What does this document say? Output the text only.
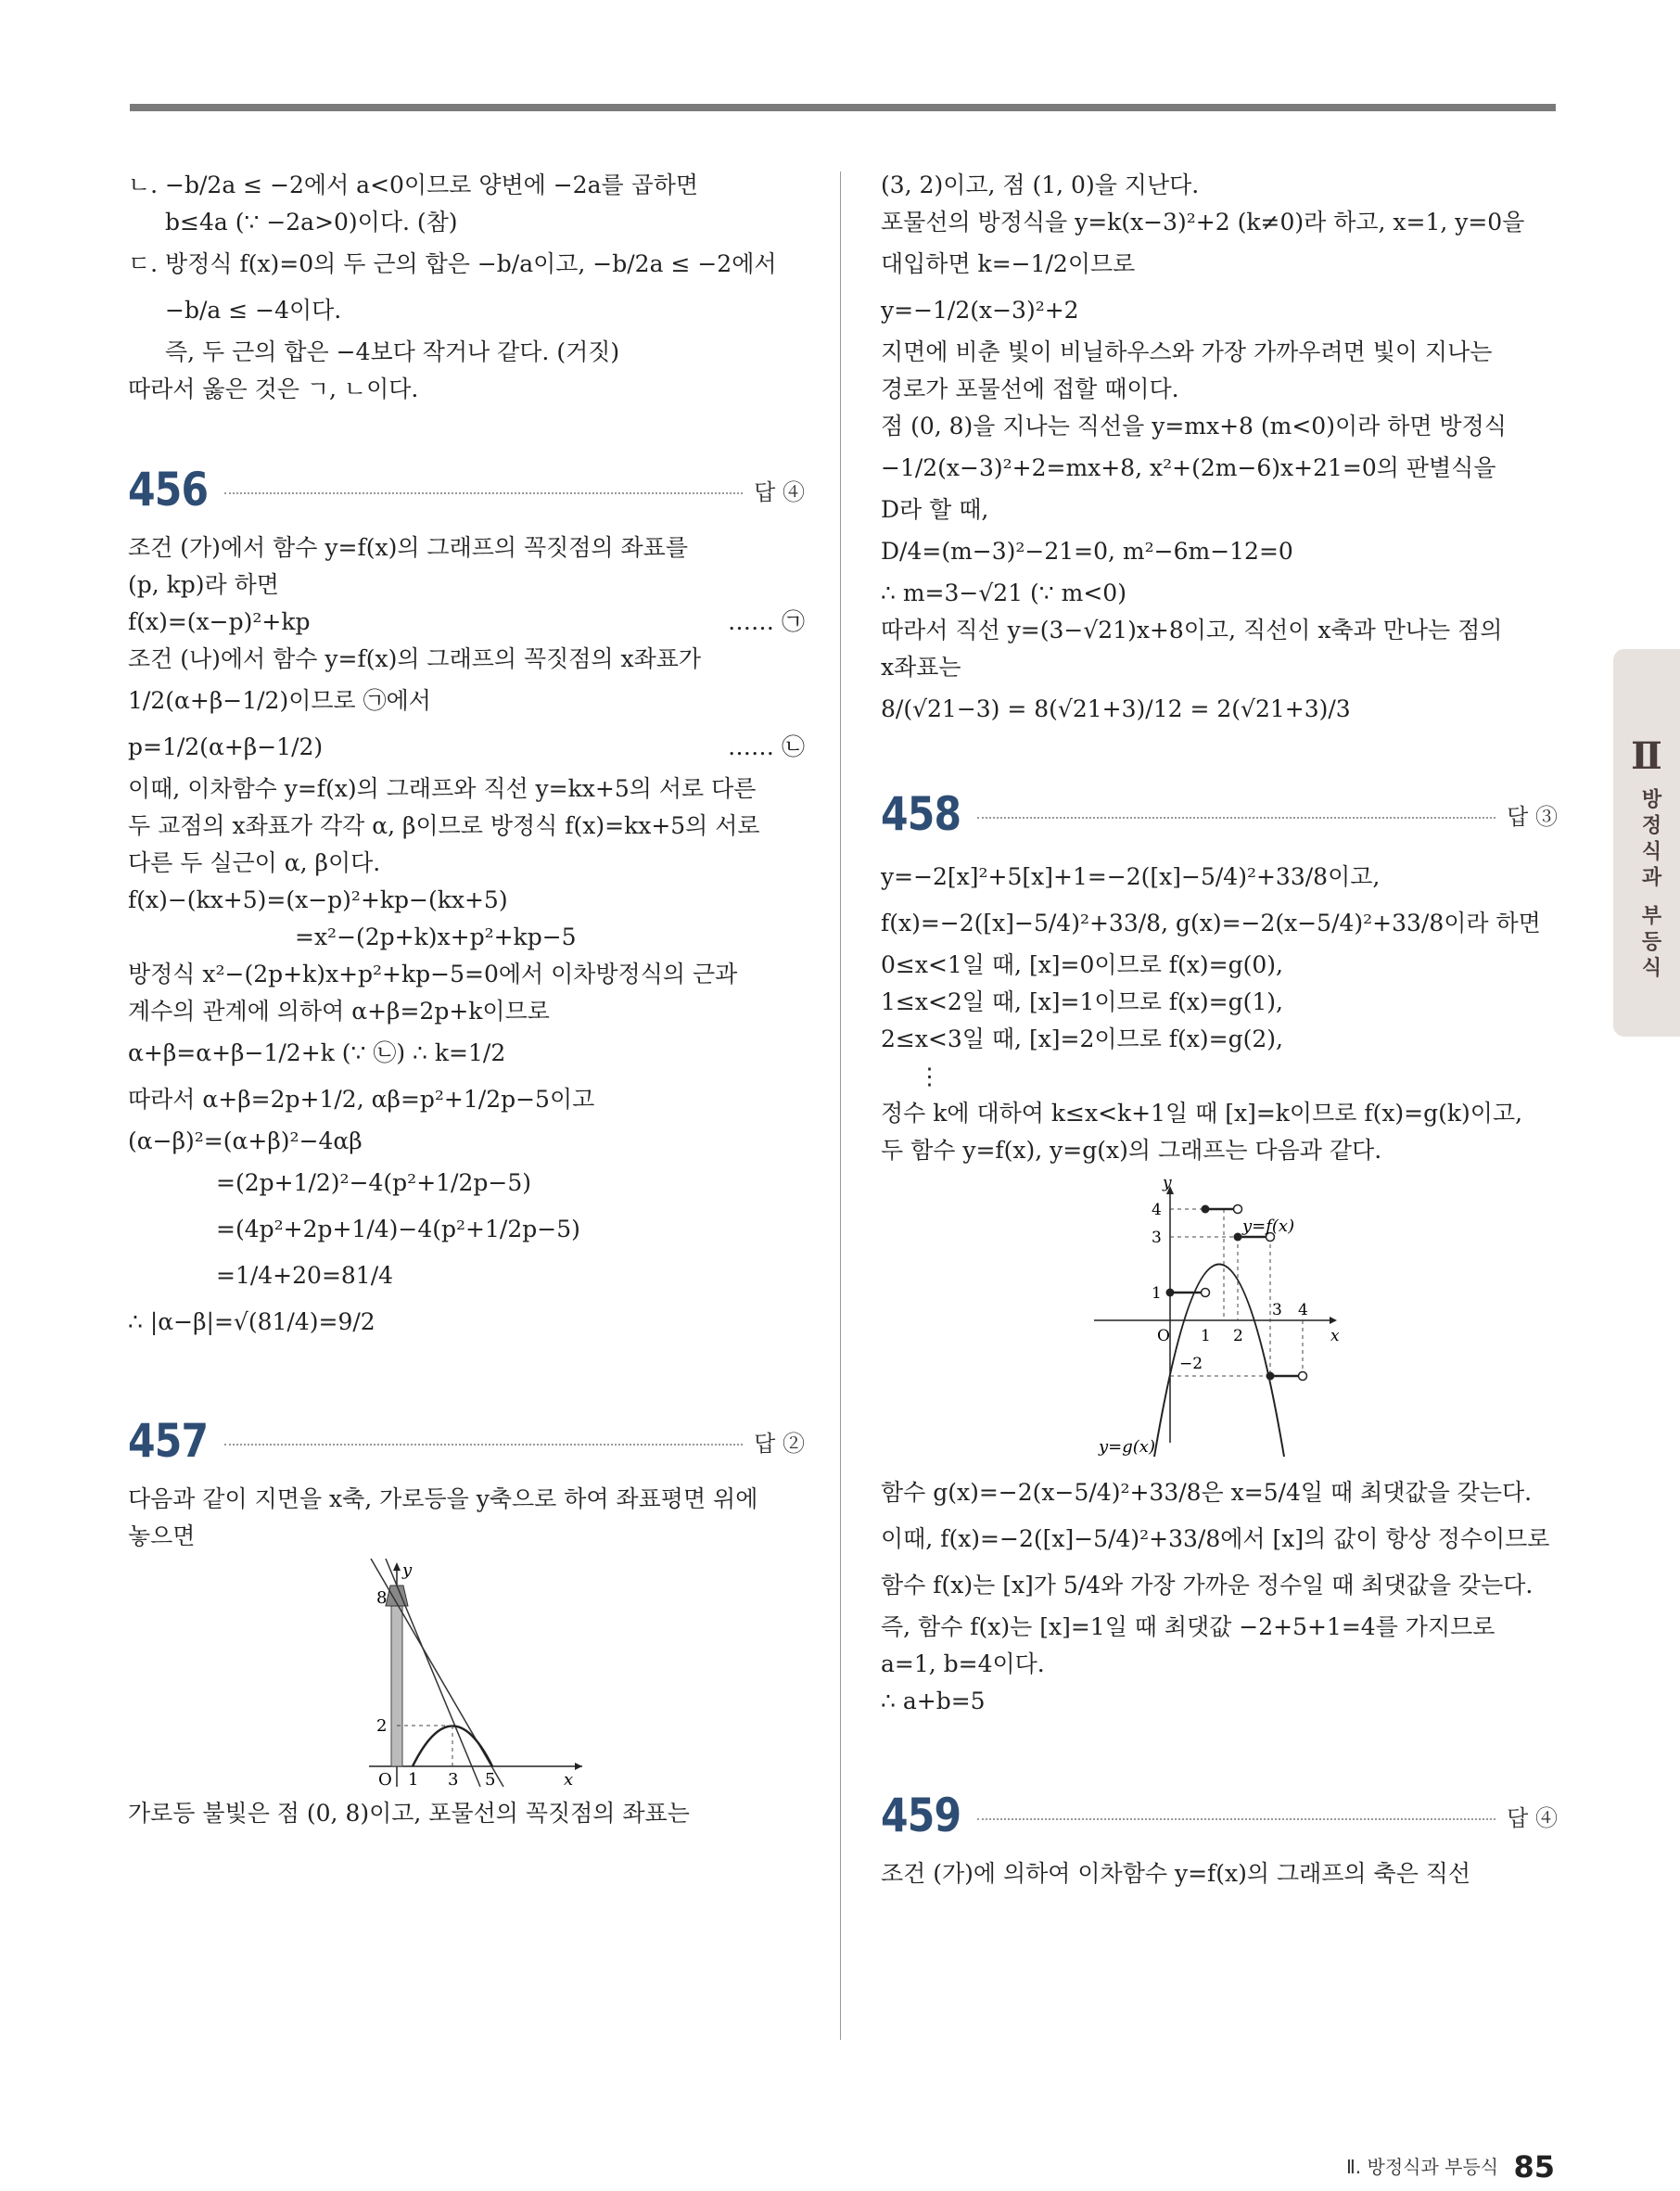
ㄴ. −b/2a ≤ −2에서 a<0이므로 양변에 −2a를 곱하면
b≤4a (∵ −2a>0)이다. (참)
ㄷ. 방정식 f(x)=0의 두 근의 합은 −b/a이고, −b/2a ≤ −2에서
−b/a ≤ −4이다.
즉, 두 근의 합은 −4보다 작거나 같다. (거짓)
따라서 옳은 것은 ㄱ, ㄴ이다.
456	답 ④
조건 (가)에서 함수 y=f(x)의 그래프의 꼭짓점의 좌표를
(p, kp)라 하면
f(x)=(x−p)²+kp	…… ㉠
조건 (나)에서 함수 y=f(x)의 그래프의 꼭짓점의 x좌표가
1/2(α+β−1/2)이므로 ㉠에서
p=1/2(α+β−1/2)	…… ㉡
이때, 이차함수 y=f(x)의 그래프와 직선 y=kx+5의 서로 다른
두 교점의 x좌표가 각각 α, β이므로 방정식 f(x)=kx+5의 서로
다른 두 실근이 α, β이다.
f(x)−(kx+5)=(x−p)²+kp−(kx+5)
=x²−(2p+k)x+p²+kp−5
방정식 x²−(2p+k)x+p²+kp−5=0에서 이차방정식의 근과
계수의 관계에 의하여 α+β=2p+k이므로
α+β=α+β−1/2+k (∵ ㉡) ∴ k=1/2
따라서 α+β=2p+1/2, αβ=p²+1/2p−5이고
(α−β)²=(α+β)²−4αβ
=(2p+1/2)²−4(p²+1/2p−5)
=(4p²+2p+1/4)−4(p²+1/2p−5)
=1/4+20=81/4
∴ |α−β|=√(81/4)=9/2
457	답 ②
다음과 같이 지면을 x축, 가로등을 y축으로 하여 좌표평면 위에
놓으면
y
8
2
O 1 3 5	x
가로등 불빛은 점 (0, 8)이고, 포물선의 꼭짓점의 좌표는
(3, 2)이고, 점 (1, 0)을 지난다.
포물선의 방정식을 y=k(x−3)²+2 (k≠0)라 하고, x=1, y=0을
대입하면 k=−1/2이므로
y=−1/2(x−3)²+2
지면에 비춘 빛이 비닐하우스와 가장 가까우려면 빛이 지나는
경로가 포물선에 접할 때이다.
점 (0, 8)을 지나는 직선을 y=mx+8 (m<0)이라 하면 방정식
−1/2(x−3)²+2=mx+8, x²+(2m−6)x+21=0의 판별식을
D라 할 때,
D/4=(m−3)²−21=0, m²−6m−12=0
∴ m=3−√21 (∵ m<0)
따라서 직선 y=(3−√21)x+8이고, 직선이 x축과 만나는 점의
x좌표는
8/(√21−3) = 8(√21+3)/12 = 2(√21+3)/3
458	답 ③
y=−2[x]²+5[x]+1=−2([x]−5/4)²+33/8이고,
f(x)=−2([x]−5/4)²+33/8, g(x)=−2(x−5/4)²+33/8이라 하면
0≤x<1일 때, [x]=0이므로 f(x)=g(0),
1≤x<2일 때, [x]=1이므로 f(x)=g(1),
2≤x<3일 때, [x]=2이므로 f(x)=g(2),
⋮
정수 k에 대하여 k≤x<k+1일 때 [x]=k이므로 f(x)=g(k)이고,
두 함수 y=f(x), y=g(x)의 그래프는 다음과 같다.
y
4
3
1
O 1 2
3 4
−2
x
y=f(x)
y=g(x)
함수 g(x)=−2(x−5/4)²+33/8은 x=5/4일 때 최댓값을 갖는다.
이때, f(x)=−2([x]−5/4)²+33/8에서 [x]의 값이 항상 정수이므로
함수 f(x)는 [x]가 5/4와 가장 가까운 정수일 때 최댓값을 갖는다.
즉, 함수 f(x)는 [x]=1일 때 최댓값 −2+5+1=4를 가지므로
a=1, b=4이다.
∴ a+b=5
459	답 ④
조건 (가)에 의하여 이차함수 y=f(x)의 그래프의 축은 직선
Ⅱ
방정식과 부등식
Ⅱ. 방정식과 부등식 85
